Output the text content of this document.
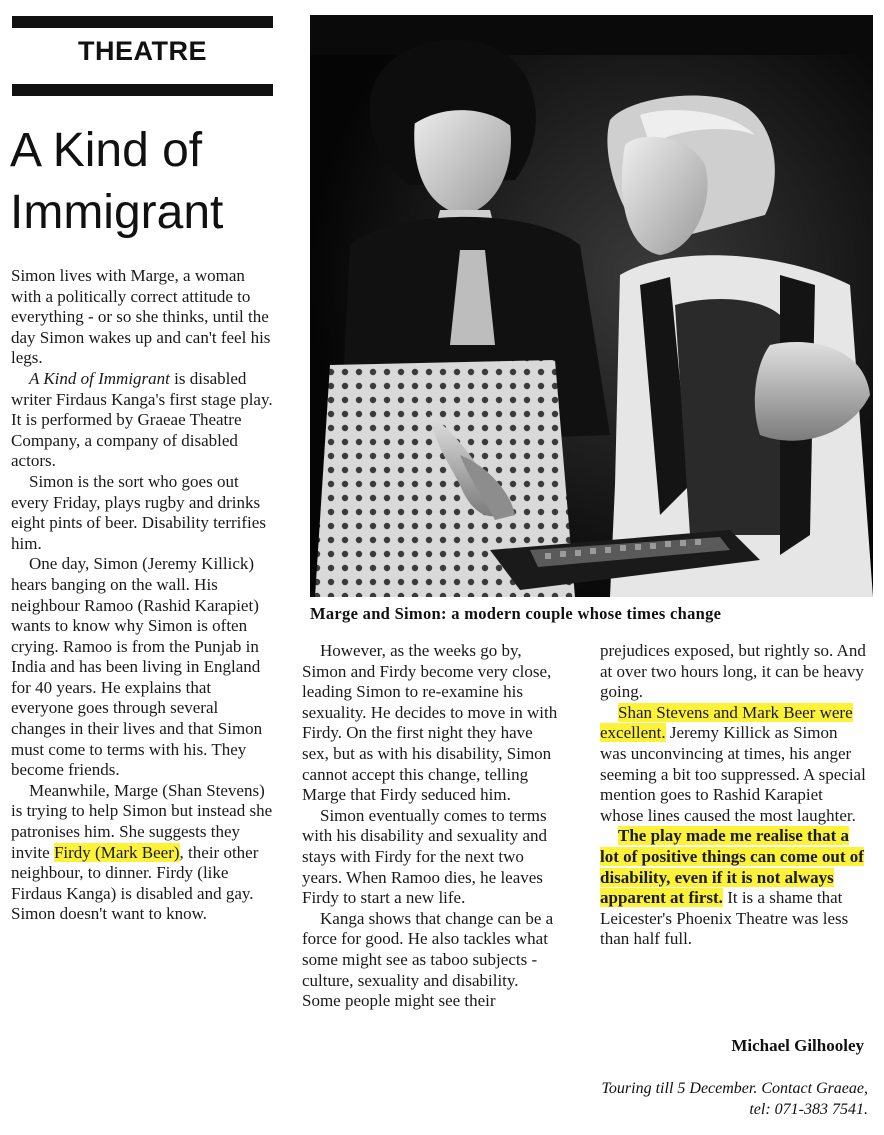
THEATRE
A Kind of
Immigrant
Marge and Simon: a modern couple whose times change

Simon lives with Marge, a woman with a politically correct attitude to everything - or so she thinks, until the day Simon wakes up and can't feel his legs.

A Kind of Immigrant is disabled writer Firdaus Kanga's first stage play. It is performed by Graeae Theatre Company, a company of disabled actors.

Simon is the sort who goes out every Friday, plays rugby and drinks eight pints of beer. Disability terrifies him.

One day, Simon (Jeremy Killick) hears banging on the wall. His neighbour Ramoo (Rashid Karapiet) wants to know why Simon is often crying. Ramoo is from the Punjab in India and has been living in England for 40 years. He explains that everyone goes through several changes in their lives and that Simon must come to terms with his. They become friends.

Meanwhile, Marge (Shan Stevens) is trying to help Simon but instead she patronises him. She suggests they invite Firdy (Mark Beer), their other neighbour, to dinner. Firdy (like Firdaus Kanga) is disabled and gay. Simon doesn't want to know.

However, as the weeks go by, Simon and Firdy become very close, leading Simon to re-examine his sexuality. He decides to move in with Firdy. On the first night they have sex, but as with his disability, Simon cannot accept this change, telling Marge that Firdy seduced him.

Simon eventually comes to terms with his disability and sexuality and stays with Firdy for the next two years. When Ramoo dies, he leaves Firdy to start a new life.

Kanga shows that change can be a force for good. He also tackles what some might see as taboo subjects - culture, sexuality and disability. Some people might see their

prejudices exposed, but rightly so. And at over two hours long, it can be heavy going.

Shan Stevens and Mark Beer were excellent. Jeremy Killick as Simon was unconvincing at times, his anger seeming a bit too suppressed. A special mention goes to Rashid Karapiet whose lines caused the most laughter.

The play made me realise that a lot of positive things can come out of disability, even if it is not always apparent at first. It is a shame that Leicester's Phoenix Theatre was less than half full.

Michael Gilhooley
Touring till 5 December. Contact Graeae, tel: 071-383 7541.
